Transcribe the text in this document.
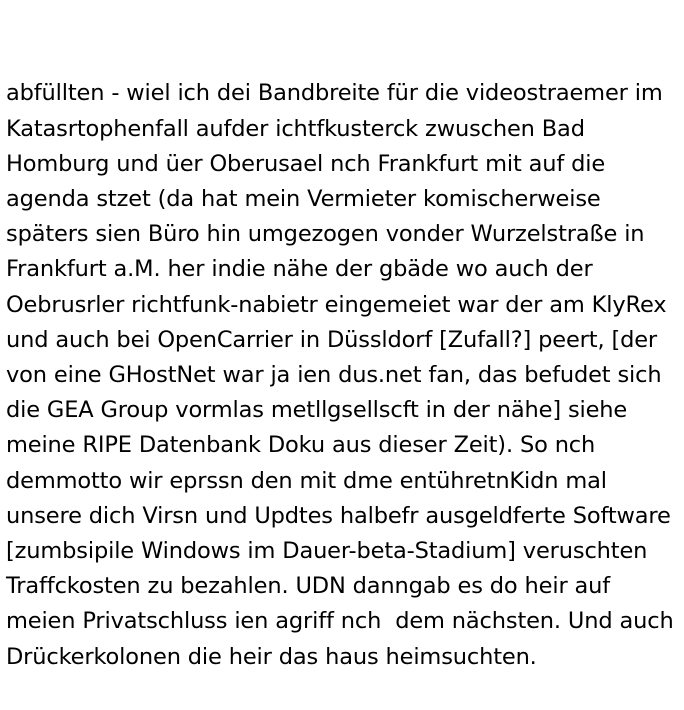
abfüllten - wiel ich dei Bandbreite für die videostraemer im Katasrtophenfall aufder ichtfkusterck zwuschen Bad Homburg und üer Oberusael nch Frankfurt mit auf die agenda stzet (da hat mein Vermieter komischerweise späters sien Büro hin umgezogen vonder Wurzelstraße in Frankfurt a.M. her indie nähe der gbäde wo auch der Oebrusrler richtfunk-nabietr eingemeiet war der am KlyRex und auch bei OpenCarrier in Düssldorf [Zufall?] peert, [der von eine GHostNet war ja ien dus.net fan, das befudet sich die GEA Group vormlas metllgsellscft in der nähe] siehe meine RIPE Datenbank Doku aus dieser Zeit). So nch demmotto wir eprssn den mit dme entühretnKidn mal unsere dich Virsn und Updtes halbefr ausgeldferte Software [zumbsipile Windows im Dauer-beta-Stadium] veruschten Traffckosten zu bezahlen. UDN danngab es do heir auf meien Privatschluss ien agriff nch  dem nächsten. Und auch Drückerkolonen die heir das haus heimsuchten.
